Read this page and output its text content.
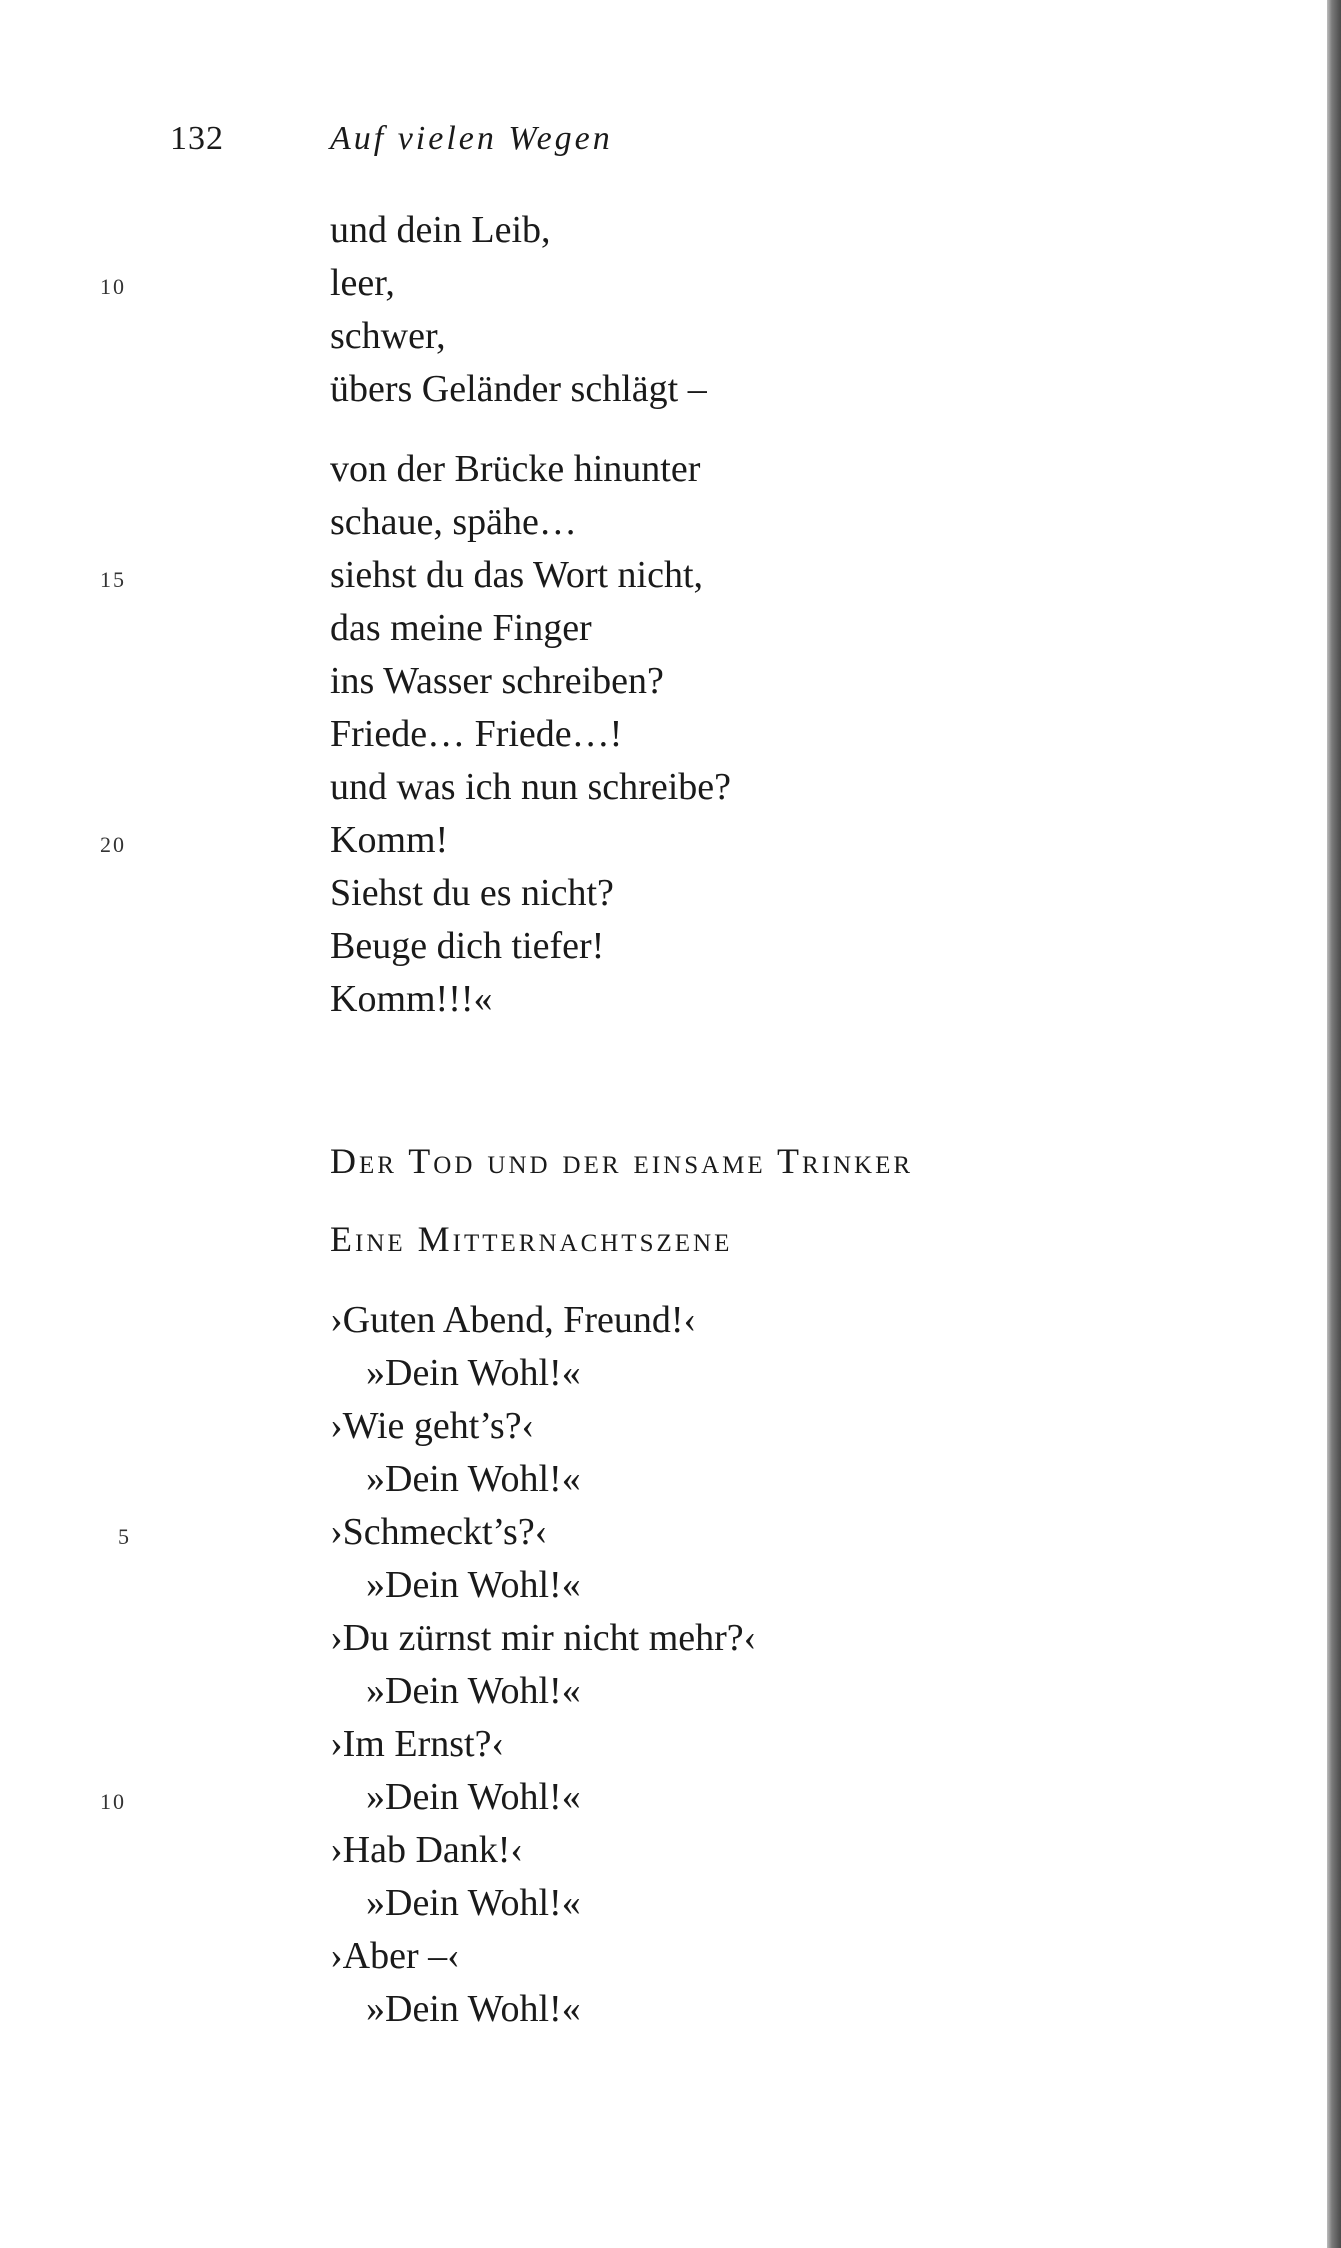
132	Auf vielen Wegen
und dein Leib,
10	leer,
schwer,
übers Geländer schlägt –
von der Brücke hinunter
schaue, spähe…
15	siehst du das Wort nicht,
das meine Finger
ins Wasser schreiben?
Friede… Friede…!
und was ich nun schreibe?
20	Komm!
Siehst du es nicht?
Beuge dich tiefer!
Komm!!!«
Der Tod und der einsame Trinker
Eine Mitternachtszene
›Guten Abend, Freund!‹
»Dein Wohl!«
›Wie geht’s?‹
»Dein Wohl!«
5	›Schmeckt’s?‹
»Dein Wohl!«
›Du zürnst mir nicht mehr?‹
»Dein Wohl!«
›Im Ernst?‹
10	»Dein Wohl!«
›Hab Dank!‹
»Dein Wohl!«
›Aber –‹
»Dein Wohl!«
